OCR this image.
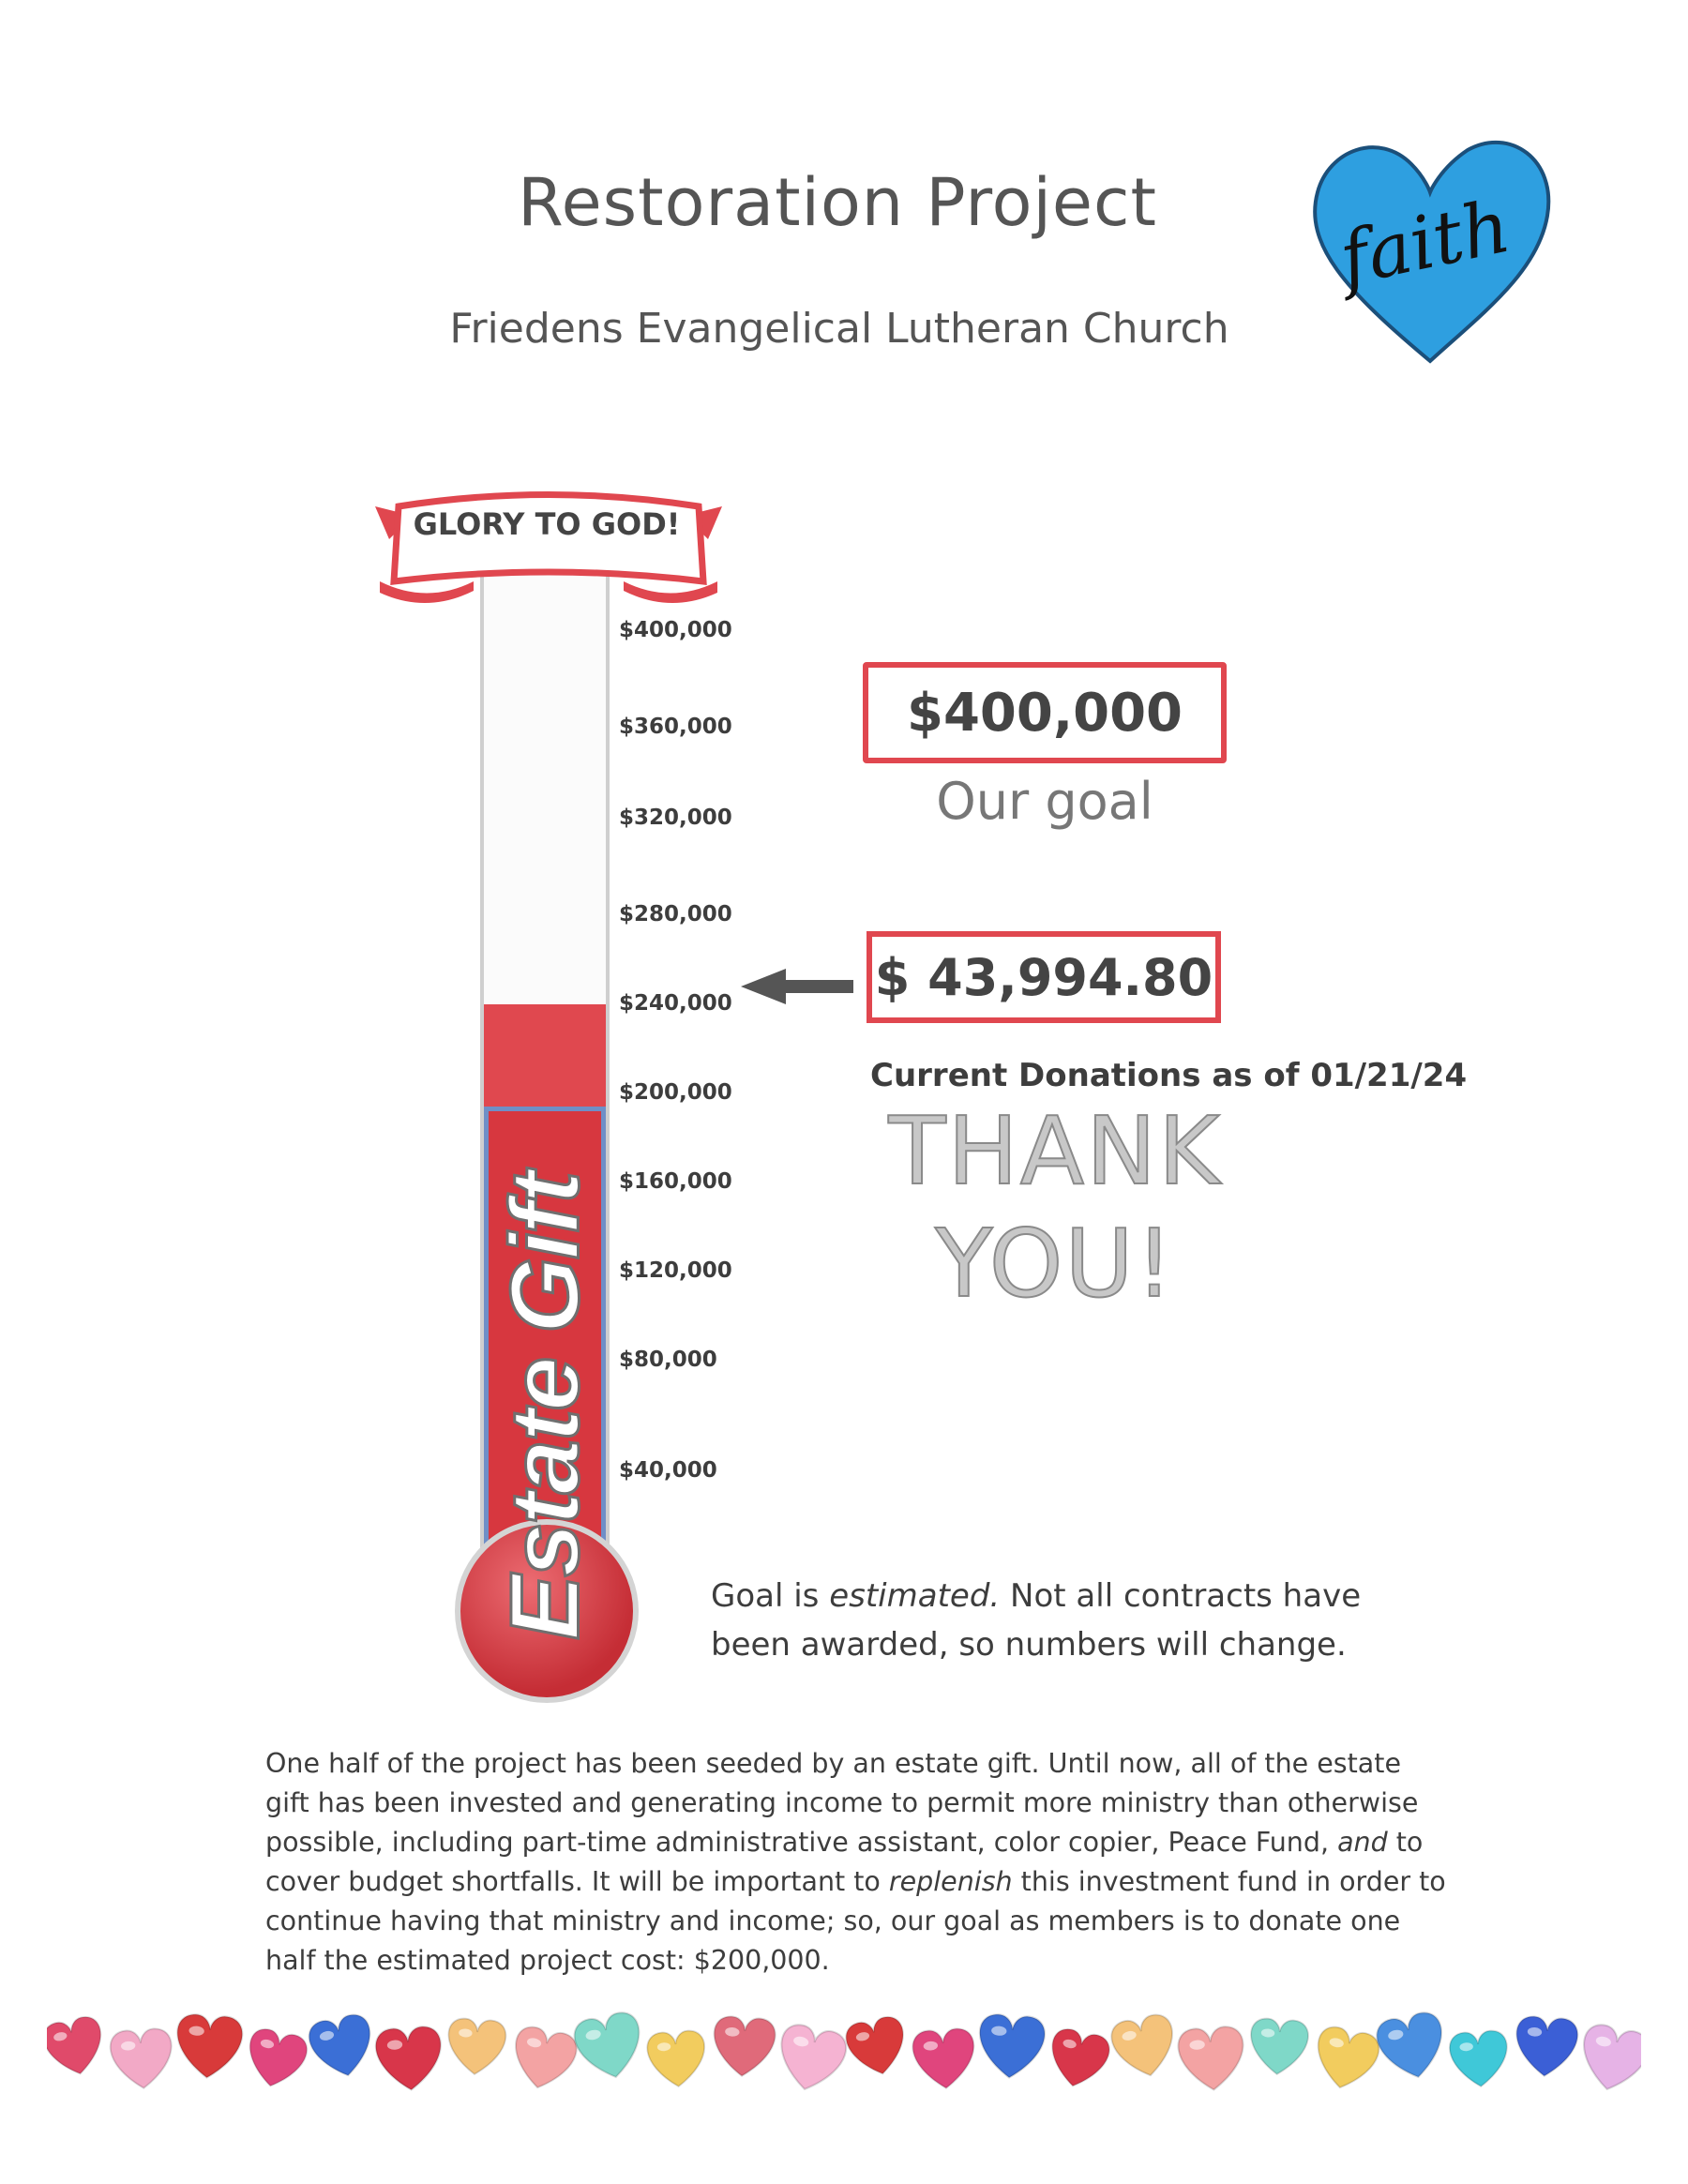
Restoration Project
Friedens Evangelical Lutheran Church
faith
Estate Gift
GLORY TO GOD!
$400,000
$360,000
$320,000
$280,000
$240,000
$200,000
$160,000
$120,000
$80,000
$40,000
$400,000
Our goal
$ 43,994.80
Current Donations as of 01/21/24
THANK
YOU!
Goal is estimated. Not all contracts have been awarded, so numbers will change.
One half of the project has been seeded by an estate gift. Until now, all of the estate gift has been invested and generating income to permit more ministry than otherwise possible, including part-time administrative assistant, color copier, Peace Fund, and to cover budget shortfalls. It will be important to replenish this investment fund in order to continue having that ministry and income; so, our goal as members is to donate one half the estimated project cost: $200,000.
